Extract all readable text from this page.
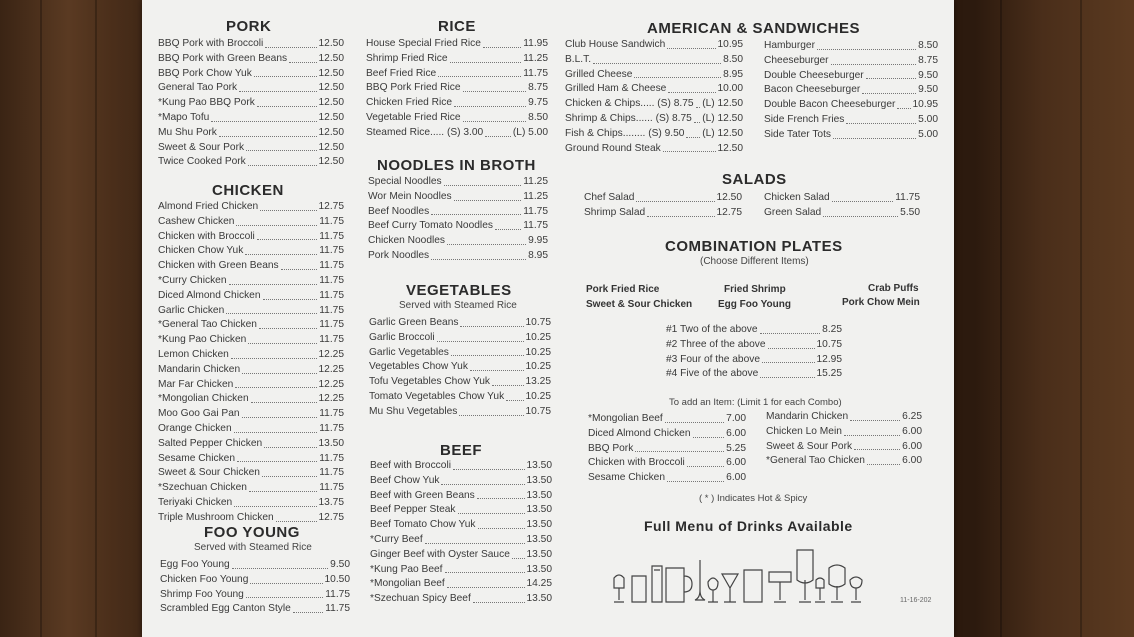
PORK
BBQ Pork with Broccoli	12.50
BBQ Pork with Green Beans	12.50
BBQ Pork Chow Yuk	12.50
General Tao Pork	12.50
*Kung Pao BBQ Pork	12.50
*Mapo Tofu	12.50
Mu Shu Pork	12.50
Sweet & Sour Pork	12.50
Twice Cooked Pork	12.50
CHICKEN
Almond Fried Chicken	12.75
Cashew Chicken	11.75
Chicken with Broccoli	11.75
Chicken Chow Yuk	11.75
Chicken with Green Beans	11.75
*Curry Chicken	11.75
Diced Almond Chicken	11.75
Garlic Chicken	11.75
*General Tao Chicken	11.75
*Kung Pao Chicken	11.75
Lemon Chicken	12.25
Mandarin Chicken	12.25
Mar Far Chicken	12.25
*Mongolian Chicken	12.25
Moo Goo Gai Pan	11.75
Orange Chicken	11.75
Salted Pepper Chicken	13.50
Sesame Chicken	11.75
Sweet & Sour Chicken	11.75
*Szechuan Chicken	11.75
Teriyaki Chicken	13.75
Triple Mushroom Chicken	12.75
FOO YOUNG
Served with Steamed Rice
Egg Foo Young	9.50
Chicken Foo Young	10.50
Shrimp Foo Young	11.75
Scrambled Egg Canton Style	11.75
RICE
House Special Fried Rice	11.95
Shrimp Fried Rice	11.25
Beef Fried Rice	11.75
BBQ Pork Fried Rice	8.75
Chicken Fried Rice	9.75
Vegetable Fried Rice	8.50
Steamed Rice..... (S) 3.00	(L) 5.00
NOODLES IN BROTH
Special Noodles	11.25
Wor Mein Noodles	11.25
Beef Noodles	11.75
Beef Curry Tomato Noodles	11.75
Chicken Noodles	9.95
Pork Noodles	8.95
VEGETABLES
Served with Steamed Rice
Garlic Green Beans	10.75
Garlic Broccoli	10.25
Garlic Vegetables	10.25
Vegetables Chow Yuk	10.25
Tofu Vegetables Chow Yuk	13.25
Tomato Vegetables Chow Yuk 10.25
Mu Shu Vegetables	10.75
BEEF
Beef with Broccoli	13.50
Beef Chow Yuk	13.50
Beef with Green Beans	13.50
Beef Pepper Steak	13.50
Beef Tomato Chow Yuk	13.50
*Curry Beef	13.50
Ginger Beef with Oyster Sauce 13.50
*Kung Pao Beef	13.50
*Mongolian Beef	14.25
*Szechuan Spicy Beef	13.50
AMERICAN & SANDWICHES
Club House Sandwich	10.95
B.L.T.	8.50
Grilled Cheese	8.95
Grilled Ham & Cheese	10.00
Chicken & Chips..... (S) 8.75 (L) 12.50
Shrimp & Chips...... (S) 8.75 (L) 12.50
Fish & Chips........ (S) 9.50 (L) 12.50
Ground Round Steak	12.50
Hamburger	8.50
Cheeseburger	8.75
Double Cheeseburger	9.50
Bacon Cheeseburger	9.50
Double Bacon Cheeseburger 10.95
Side French Fries	5.00
Side Tater Tots	5.00
SALADS
Chef Salad	12.50
Shrimp Salad	12.75
Chicken Salad	11.75
Green Salad	5.50
COMBINATION PLATES
(Choose Different Items)
Pork Fried Rice	Fried Shrimp	Crab Puffs
Sweet & Sour Chicken	Egg Foo Young	Pork Chow Mein
#1 Two of the above	8.25
#2 Three of the above	10.75
#3 Four of the above	12.95
#4 Five of the above	15.25
To add an Item: (Limit 1 for each Combo)
*Mongolian Beef	7.00
Diced Almond Chicken	6.00
BBQ Pork	5.25
Chicken with Broccoli	6.00
Sesame Chicken	6.00
Mandarin Chicken	6.25
Chicken Lo Mein	6.00
Sweet & Sour Pork	6.00
*General Tao Chicken	6.00
( * ) Indicates Hot & Spicy
Full Menu of Drinks Available
11-16-202
